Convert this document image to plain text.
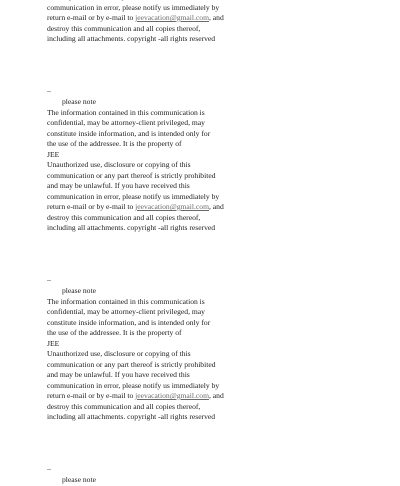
communication in error, please notify us immediately by
return e-mail or by e-mail to jeevacation@gmail.com, and
destroy this communication and all copies thereof,
including all attachments. copyright -all rights reserved
--
please note
The information contained in this communication is
confidential, may be attorney-client privileged, may
constitute inside information, and is intended only for
the use of the addressee. It is the property of
JEE
Unauthorized use, disclosure or copying of this
communication or any part thereof is strictly prohibited
and may be unlawful. If you have received this
communication in error, please notify us immediately by
return e-mail or by e-mail to jeevacation@gmail.com, and
destroy this communication and all copies thereof,
including all attachments. copyright -all rights reserved
--
please note
The information contained in this communication is
confidential, may be attorney-client privileged, may
constitute inside information, and is intended only for
the use of the addressee. It is the property of
JEE
Unauthorized use, disclosure or copying of this
communication or any part thereof is strictly prohibited
and may be unlawful. If you have received this
communication in error, please notify us immediately by
return e-mail or by e-mail to jeevacation@gmail.com, and
destroy this communication and all copies thereof,
including all attachments. copyright -all rights reserved
--
please note
